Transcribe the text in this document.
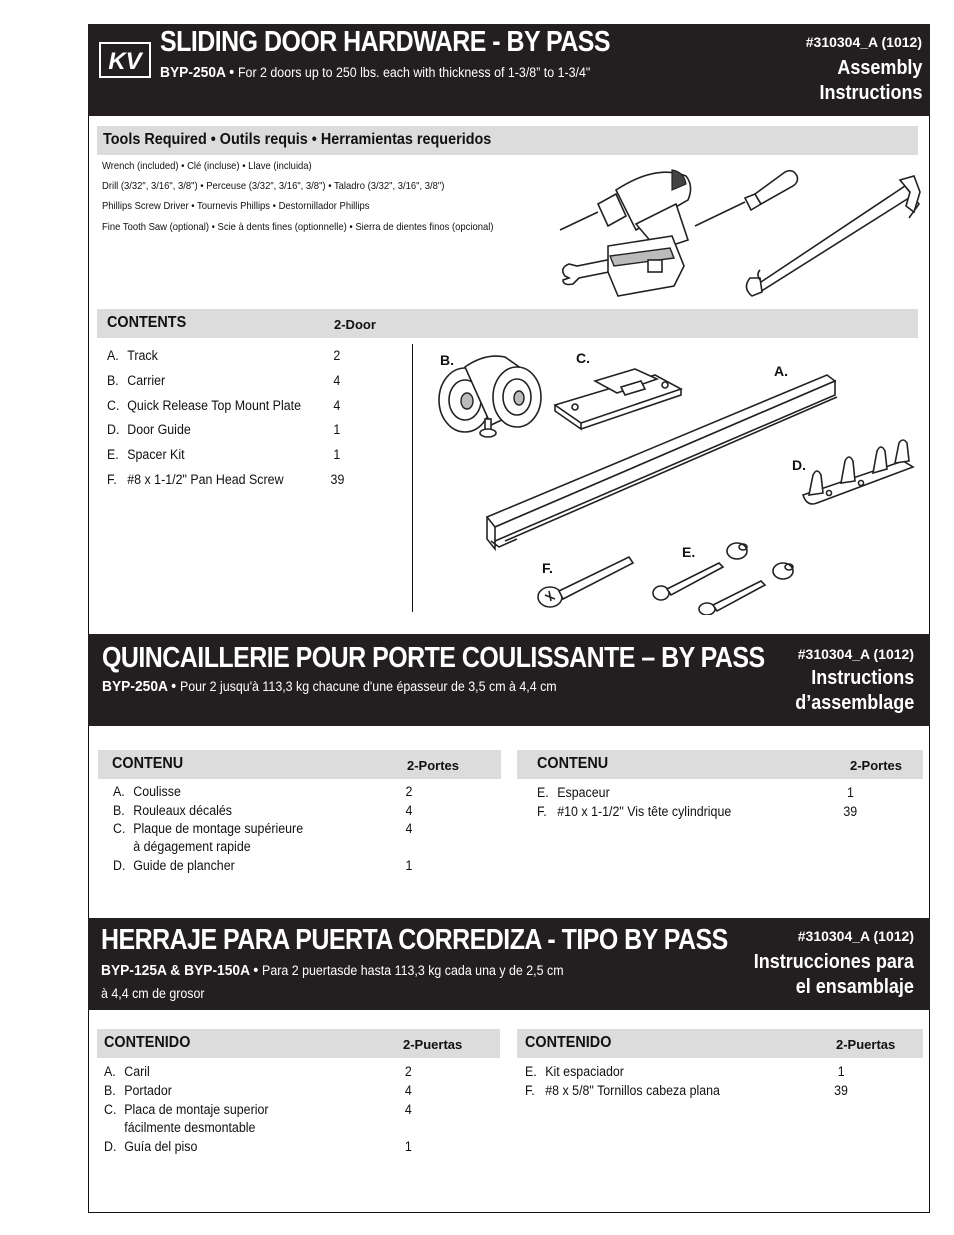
KV
SLIDING DOOR HARDWARE - BY PASS
BYP-250A • For 2 doors up to 250 lbs. each with thickness of 1-3/8” to 1-3/4"
#310304_A (1012)
Assembly
Instructions
Tools Required • Outils requis • Herramientas requeridos
Wrench (included) • Clé (incluse) • Llave (incluida)
Drill (3/32", 3/16", 3/8") • Perceuse (3/32", 3/16", 3/8") • Taladro (3/32", 3/16", 3/8")
Phillips Screw Driver • Tournevis Phillips • Destornillador Phillips
Fine Tooth Saw (optional) • Scie à dents fines (optionnelle) • Sierra de dientes finos (opcional)
CONTENTS	2-Door
A. Track	2
B. Carrier	4
C. Quick Release Top Mount Plate 4
D. Door Guide	1
E. Spacer Kit	1
F. #8 x 1-1/2" Pan Head Screw	39
B.	C.
A.
D.
E.
F.
QUINCAILLERIE POUR PORTE COULISSANTE – BY PASS
BYP-250A • Pour 2 jusqu'à 113,3 kg chacune d'une épasseur de 3,5 cm à 4,4 cm
#310304_A (1012)
Instructions
d’assemblage
CONTENU	2-Portes	CONTENU	2-Portes
A. Coulisse	2
B. Rouleaux décalés	4
C. Plaque de montage supérieure	4
à dégagement rapide
D. Guide de plancher	1
E. Espaceur	1
F. #10 x 1-1/2" Vis tête cylindrique	39
HERRAJE PARA PUERTA CORREDIZA - TIPO BY PASS
BYP-125A & BYP-150A • Para 2 puertasde hasta 113,3 kg cada una y de 2,5 cm
à 4,4 cm de grosor
#310304_A (1012)
Instrucciones para
el ensamblaje
CONTENIDO	2-Puertas	CONTENIDO	2-Puertas
A. Caril	2
B. Portador	4
C. Placa de montaje superior	4
fácilmente desmontable
D. Guía del piso	1
E. Kit espaciador	1
F. #8 x 5/8" Tornillos cabeza plana	39
